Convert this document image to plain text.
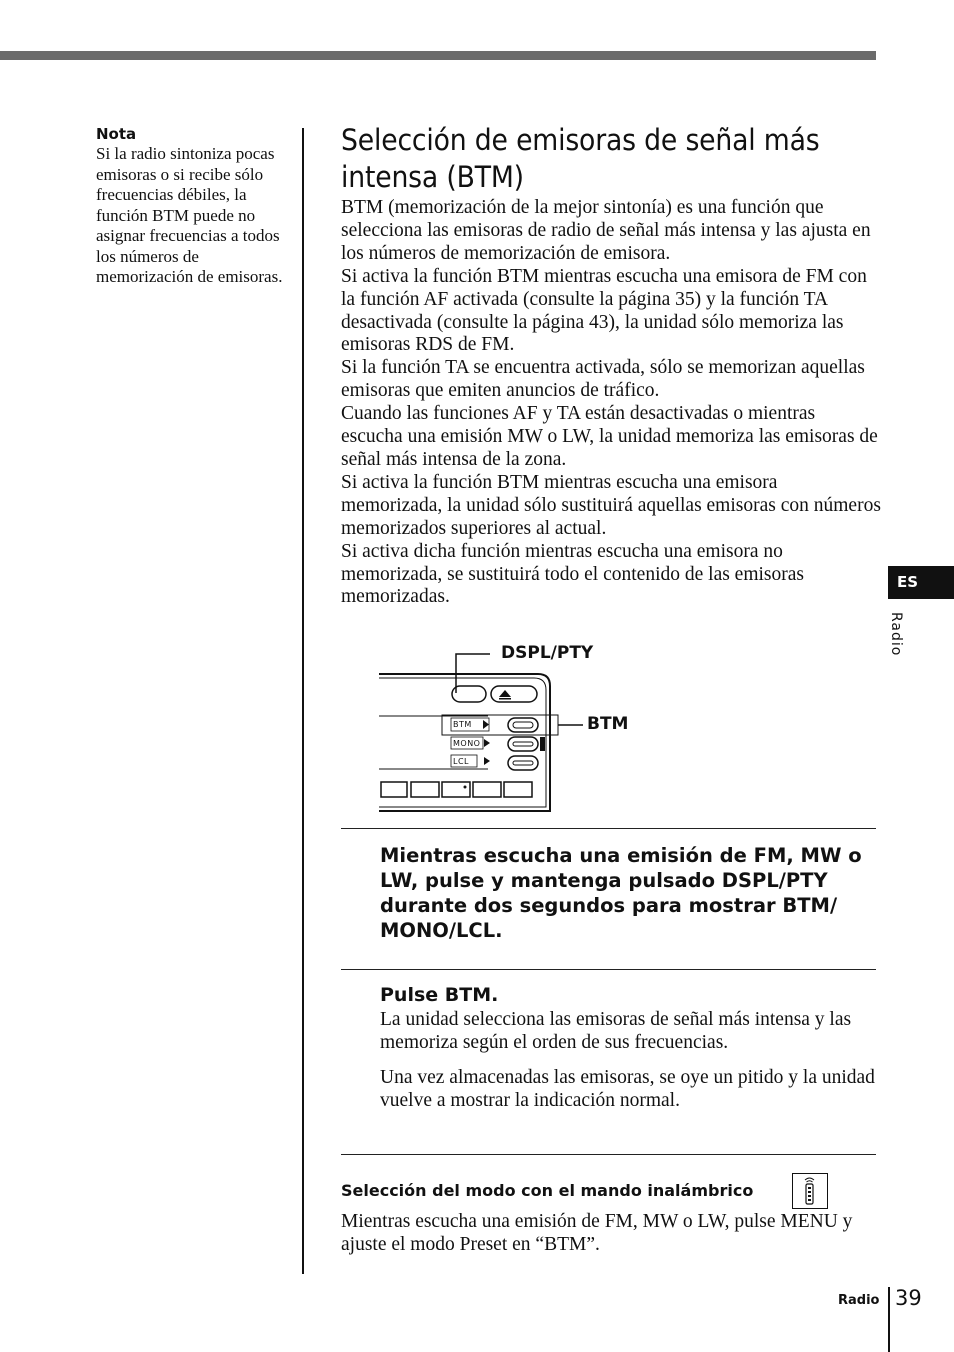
Nota
Si la radio sintoniza pocas emisoras o si recibe sólo frecuencias débiles, la función BTM puede no asignar frecuencias a todos los números de memorización de emisoras.
Selección de emisoras de señal más intensa (BTM)

BTM (memorización de la mejor sintonía) es una función que selecciona las emisoras de radio de señal más intensa y las ajusta en los números de memorización de emisora.

Si activa la función BTM mientras escucha una emisora de FM con la función AF activada (consulte la página 35) y la función TA desactivada (consulte la página 43), la unidad sólo memoriza las emisoras RDS de FM.

Si la función TA se encuentra activada, sólo se memorizan aquellas emisoras que emiten anuncios de tráfico.

Cuando las funciones AF y TA están desactivadas o mientras escucha una emisión MW o LW, la unidad memoriza las emisoras de señal más intensa de la zona.

Si activa la función BTM mientras escucha una emisora memorizada, la unidad sólo sustituirá aquellas emisoras con números memorizados superiores al actual.

Si activa dicha función mientras escucha una emisora no memorizada, se sustituirá todo el contenido de las emisoras memorizadas.

DSPL/PTY
BTM
BTM
MONO
LCL
Mientras escucha una emisión de FM, MW o LW, pulse y mantenga pulsado DSPL/PTY durante dos segundos para mostrar BTM/ MONO/LCL.
Pulse BTM.

La unidad selecciona las emisoras de señal más intensa y las memoriza según el orden de sus frecuencias.

Una vez almacenadas las emisoras, se oye un pitido y la unidad vuelve a mostrar la indicación normal.

Selección del modo con el mando inalámbrico
Mientras escucha una emisión de FM, MW o LW, pulse MENU y ajuste el modo Preset en “BTM”.
ES
Radio
Radio 39
